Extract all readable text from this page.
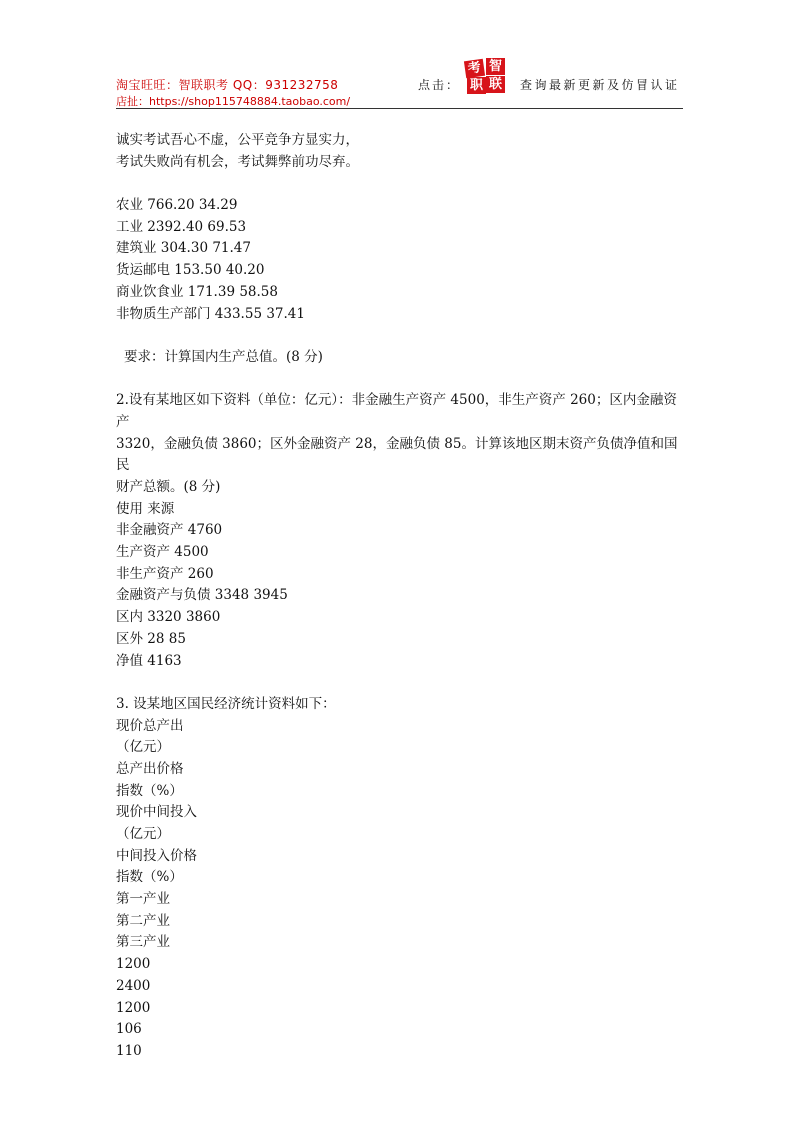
淘宝旺旺：智联职考 QQ：931232758
店扯：https://shop115748884.taobao.com/
点击：
考 智
职 联 查询最新更新及仿冒认证
诚实考试吾心不虚，公平竞争方显实力，
考试失败尚有机会，考试舞弊前功尽弃。
农业 766.20 34.29
工业 2392.40 69.53
建筑业 304.30 71.47
货运邮电 153.50 40.20
商业饮食业 171.39 58.58
非物质生产部门 433.55 37.41
要求：计算国内生产总值。(8 分)
2.设有某地区如下资料（单位：亿元）：非金融生产资产 4500，非生产资产 260；区内金融资
产
3320，金融负债 3860；区外金融资产 28，金融负债 85。计算该地区期末资产负债净值和国
民
财产总额。(8 分)
使用 来源
非金融资产 4760
生产资产 4500
非生产资产 260
金融资产与负债 3348 3945
区内 3320 3860
区外 28 85
净值 4163
3. 设某地区国民经济统计资料如下：
现价总产出
（亿元）
总产出价格
指数（%）
现价中间投入
（亿元）
中间投入价格
指数（%）
第一产业
第二产业
第三产业
1200
2400
1200
106
110
